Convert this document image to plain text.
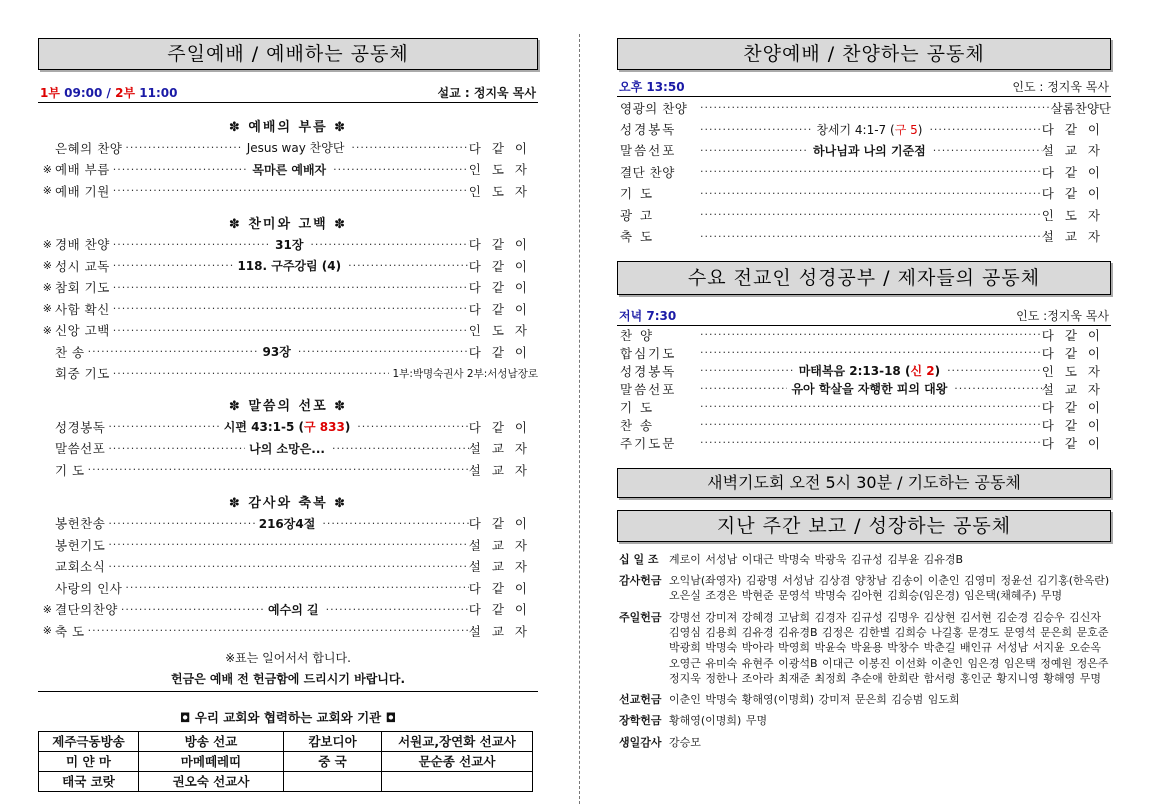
주일예배 / 예배하는 공동체
1부 09:00 / 2부 11:00	설교 : 정지욱 목사
✽ 예배의 부름 ✽
은혜의 찬양 ·····	Jesus way 찬양단 ·····	다같이
※ 예배 부름 ·····	목마른 예배자 ·····	인도자
※ 예배 기원 ·····	인도자
✽ 찬미와 고백 ✽
※ 경배 찬양 ·····	31장 ·····	다같이
※ 성시 교독 ·····	118. 구주강림 (4) ·····	다같이
※ 참회 기도 ·····	다같이
※ 사함 확신 ·····	다같이
※ 신앙 고백 ·····	인도자
찬 송 ·····	93장 ·····	다같이
회중 기도 ·····	1부:박명숙권사 2부:서성남장로
✽ 말씀의 선포 ✽
성경봉독 ·····	시편 43:1-5 (구 833) ·····	다같이
말씀선포 ·····	나의 소망은... ·····	설교자
기 도 ·····	설교자
✽ 감사와 축복 ✽
봉헌찬송 ·····	216장4절 ·····	다같이
봉헌기도 ·····	설교자
교회소식 ·····	설교자
사랑의 인사 ·····	다같이
※ 결단의찬양 ·····	예수의 길 ·····	다같이
※ 축 도 ·····	설교자
※표는 일어서서 합니다.
헌금은 예배 전 헌금함에 드리시기 바랍니다.
◘ 우리 교회와 협력하는 교회와 기관 ◘
제주극동방송	방송 선교	캄보디아	서원교,장연화 선교사
미 얀 마	마메떼레띠	중 국	문순종 선교사
태국 코랏	권오숙 선교사		
찬양예배 / 찬양하는 공동체
오후 13:50	인도 : 정지욱 목사
영광의 찬양 ·····	살롬찬양단
성경봉독 ·····	창세기 4:1-7 (구 5) ·····	다같이
말씀선포 ·····	하나님과 나의 기준점 ·····	설교자
결단 찬양 ·····	다같이
기 도 ·····	다같이
광 고 ·····	인도자
축 도 ·····	설교자
수요 전교인 성경공부 / 제자들의 공동체
저녁 7:30	인도 :정지욱 목사
찬 양 ·····	다같이
합심기도 ·····	다같이
성경봉독 ·····	마태복음 2:13-18 (신 2) ·····	인도자
말씀선포 ·····	유아 학살을 자행한 피의 대왕 ·····	설교자
기 도 ·····	다같이
찬 송 ·····	다같이
주기도문 ·····	다같이
새벽기도회 오전 5시 30분 / 기도하는 공동체
지난 주간 보고 / 성장하는 공동체
십 일 조 계로이 서성남 이대근 박명숙 박광욱 김규성 김부윤 김유경B
감사헌금 오익남(좌영자) 김광명 서성남 김상겸 양창남 김송이 이춘인 김영미 정윤선 김기홍(한옥란) 오은실 조경은 박현준 문영석 박명숙 김아현 김희승(임은경) 임은택(채혜주) 무명
주일헌금 강명선 강미져 강혜경 고남희 김경자 김규성 김명우 김상현 김서현 김순경 김승우 김신자 김영심 김용희 김유경 김유경B 김정은 김한별 김희승 나길홍 문경도 문영석 문은희 문호준 박광희 박명숙 박아라 박영희 박윤숙 박윤용 박창수 박춘길 배인규 서성남 서지윤 오순옥 오영근 유미숙 유현주 이광석B 이대근 이봉진 이선화 이춘인 임은경 임은택 정예원 정은주 정지욱 정한나 조아라 최재준 최정희 추순애 한희란 함서령 홍인군 황지니영 황해영 무명
선교헌금 이춘인 박명숙 황해영(이명희) 강미져 문은희 김승범 임도희
장학헌금 황해영(이명희) 무명
생일감사 강승모
